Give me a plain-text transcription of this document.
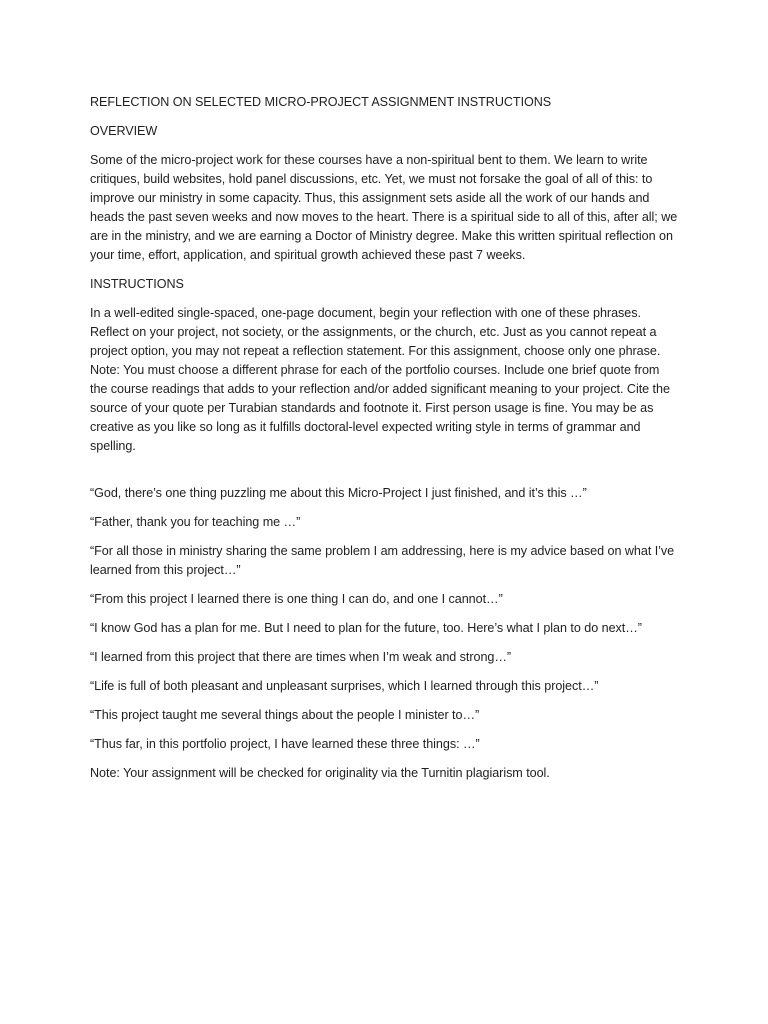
REFLECTION ON SELECTED MICRO-PROJECT ASSIGNMENT INSTRUCTIONS

OVERVIEW

Some of the micro-project work for these courses have a non-spiritual bent to them. We learn to write critiques, build websites, hold panel discussions, etc. Yet, we must not forsake the goal of all of this: to improve our ministry in some capacity. Thus, this assignment sets aside all the work of our hands and heads the past seven weeks and now moves to the heart. There is a spiritual side to all of this, after all; we are in the ministry, and we are earning a Doctor of Ministry degree. Make this written spiritual reflection on your time, effort, application, and spiritual growth achieved these past 7 weeks.

INSTRUCTIONS

In a well-edited single-spaced, one-page document, begin your reflection with one of these phrases. Reflect on your project, not society, or the assignments, or the church, etc. Just as you cannot repeat a project option, you may not repeat a reflection statement. For this assignment, choose only one phrase. Note: You must choose a different phrase for each of the portfolio courses. Include one brief quote from the course readings that adds to your reflection and/or added significant meaning to your project. Cite the source of your quote per Turabian standards and footnote it. First person usage is fine. You may be as creative as you like so long as it fulfills doctoral-level expected writing style in terms of grammar and spelling.

“God, there’s one thing puzzling me about this Micro-Project I just finished, and it’s this …”

“Father, thank you for teaching me …”

“For all those in ministry sharing the same problem I am addressing, here is my advice based on what I’ve learned from this project…”

“From this project I learned there is one thing I can do, and one I cannot…”

“I know God has a plan for me. But I need to plan for the future, too. Here’s what I plan to do next…”

“I learned from this project that there are times when I’m weak and strong…”

“Life is full of both pleasant and unpleasant surprises, which I learned through this project…”

“This project taught me several things about the people I minister to…”

“Thus far, in this portfolio project, I have learned these three things: …”

Note: Your assignment will be checked for originality via the Turnitin plagiarism tool.
